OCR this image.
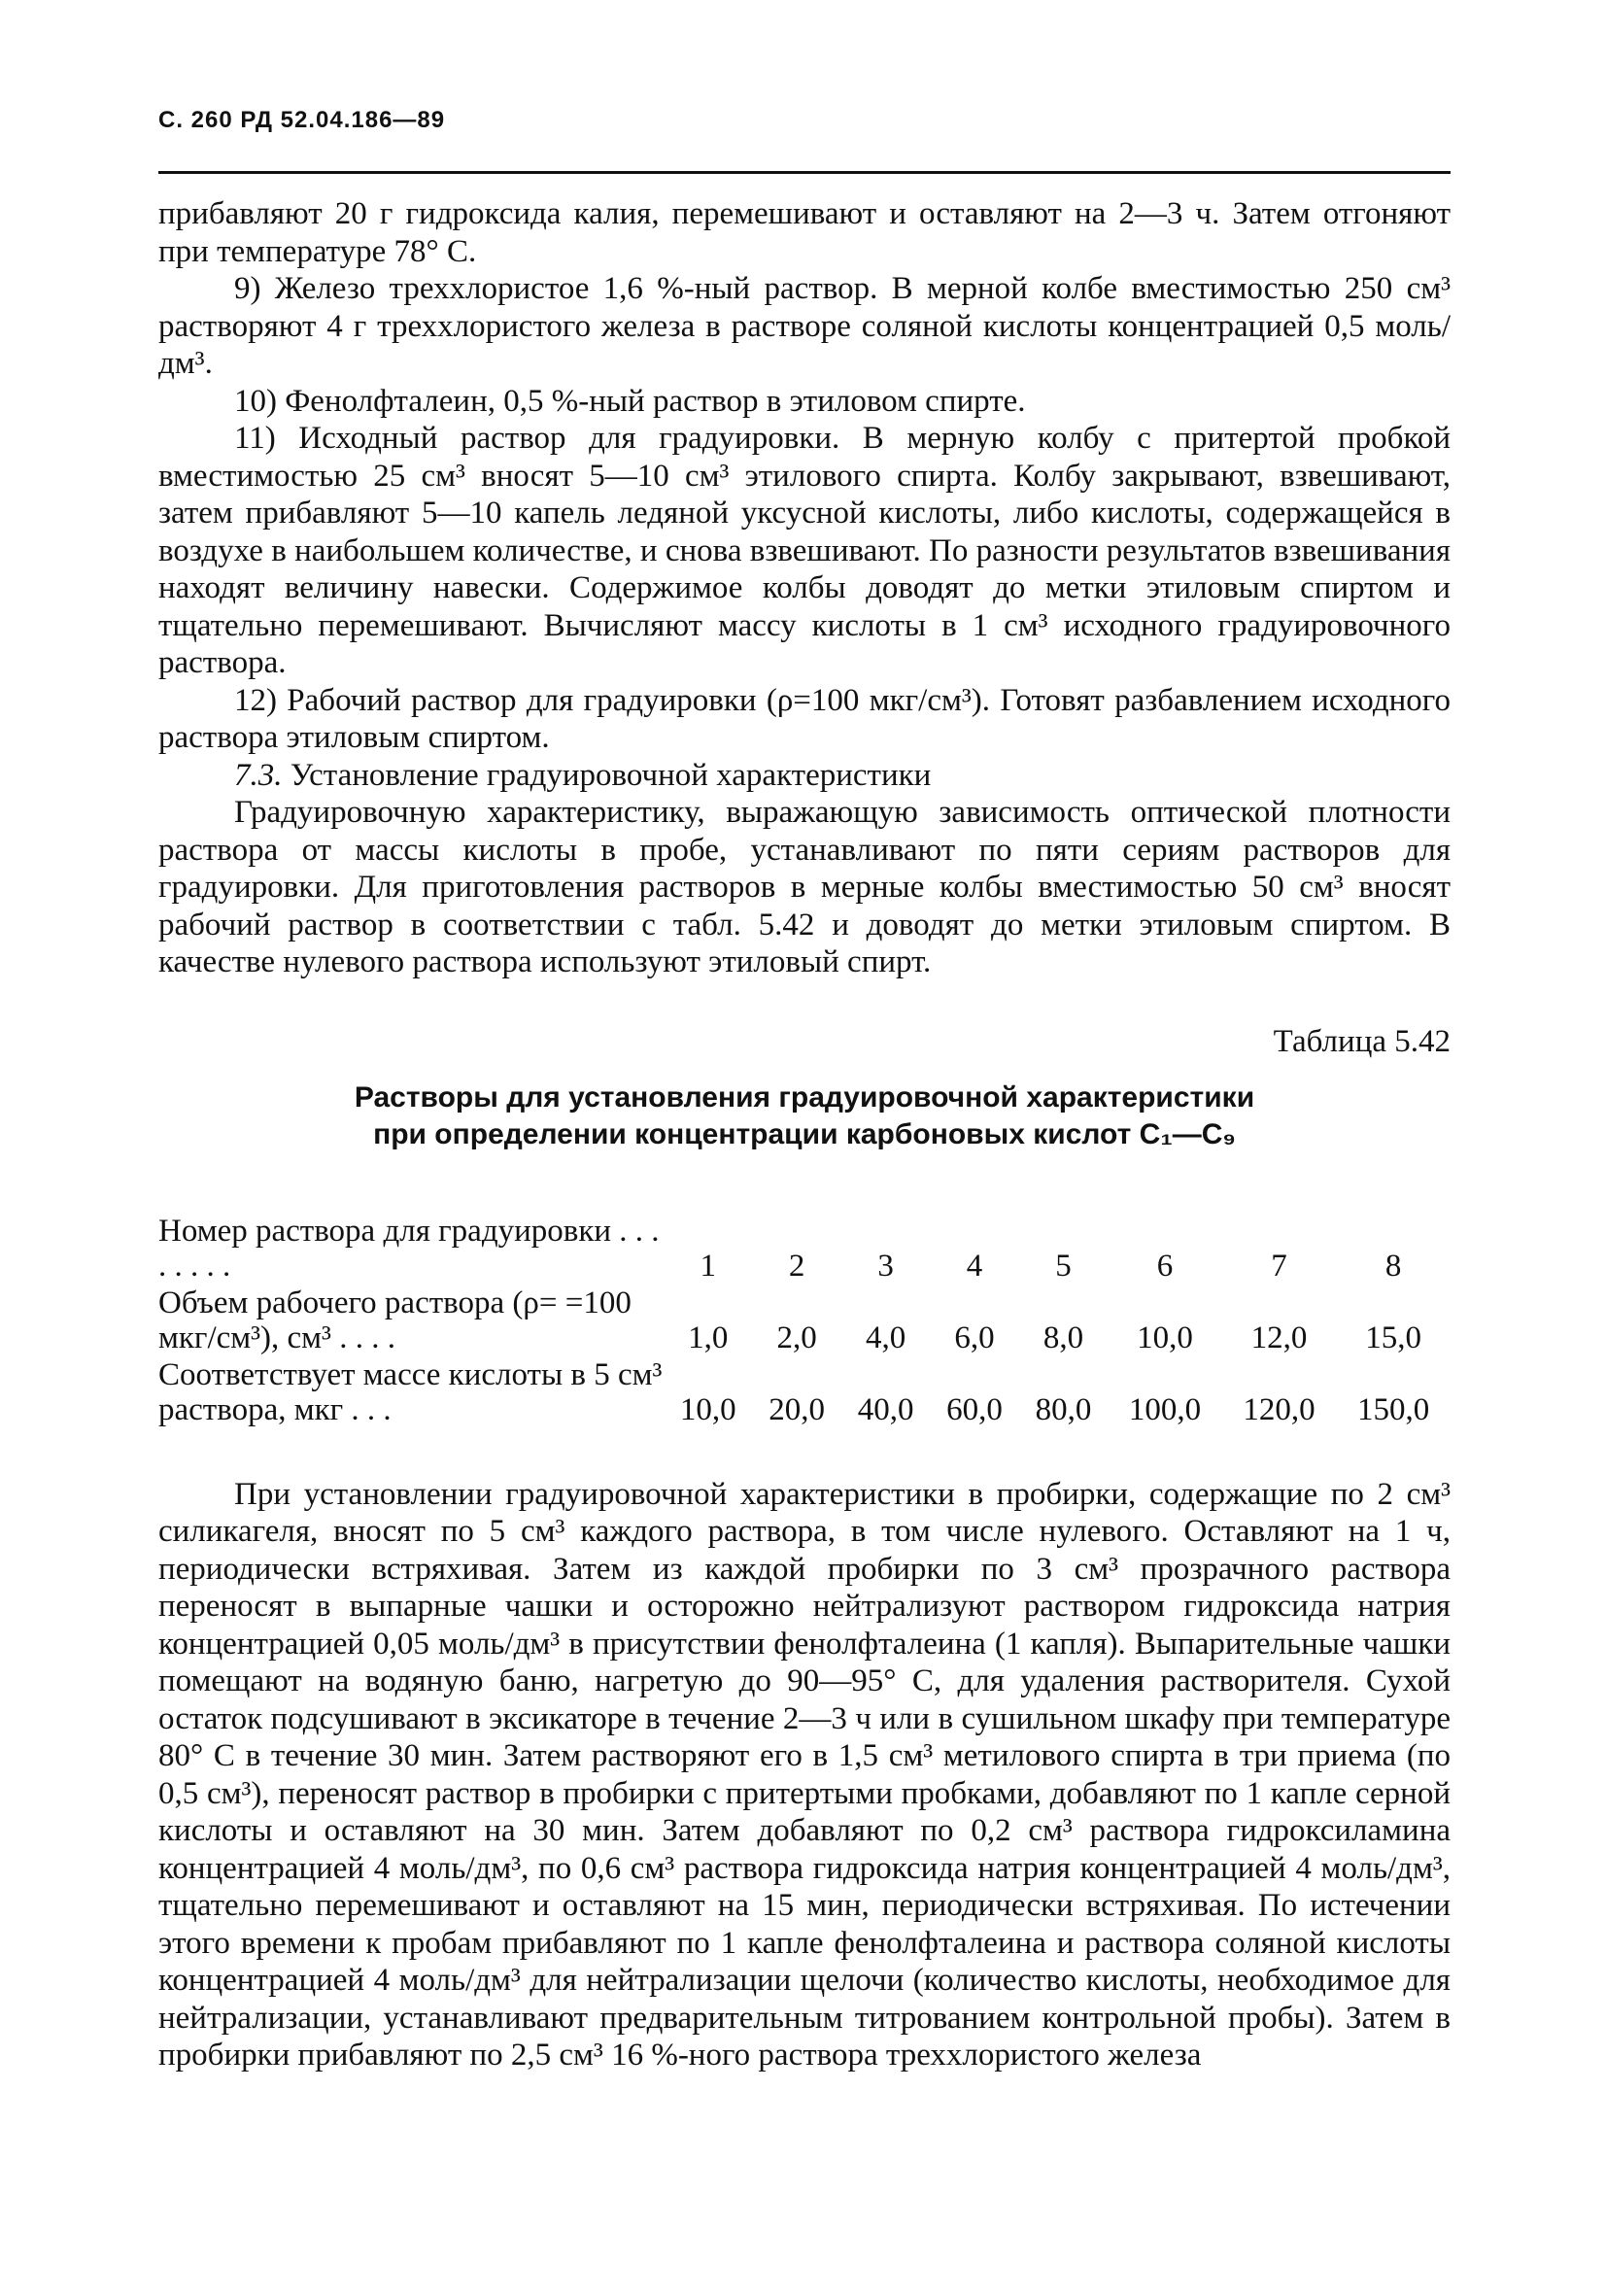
С. 260 РД 52.04.186—89

прибавляют 20 г гидроксида калия, перемешивают и оставляют на 2—3 ч. Затем отгоняют при температуре 78° С.

9) Железо треххлористое 1,6 %-ный раствор. В мерной колбе вместимостью 250 см³ растворяют 4 г треххлористого железа в растворе соляной кислоты концентрацией 0,5 моль/дм³.

10) Фенолфталеин, 0,5 %-ный раствор в этиловом спирте.

11) Исходный раствор для градуировки. В мерную колбу с притертой пробкой вместимостью 25 см³ вносят 5—10 см³ этилового спирта. Колбу закрывают, взвешивают, затем прибавляют 5—10 капель ледяной уксусной кислоты, либо кислоты, содержащейся в воздухе в наибольшем количестве, и снова взвешивают. По разности результатов взвешивания находят величину навески. Содержимое колбы доводят до метки этиловым спиртом и тщательно перемешивают. Вычисляют массу кислоты в 1 см³ исходного градуировочного раствора.

12) Рабочий раствор для градуировки (ρ=100 мкг/см³). Готовят разбавлением исходного раствора этиловым спиртом.

7.3. Установление градуировочной характеристики

Градуировочную характеристику, выражающую зависимость оптической плотности раствора от массы кислоты в пробе, устанавливают по пяти сериям растворов для градуировки. Для приготовления растворов в мерные колбы вместимостью 50 см³ вносят рабочий раствор в соответствии с табл. 5.42 и доводят до метки этиловым спиртом. В качестве нулевого раствора используют этиловый спирт.

Таблица 5.42
Растворы для установления градуировочной характеристики
при определении концентрации карбоновых кислот C₁—C₉
Номер раствора для градуировки . . . . . . . .	1	2	3	4	5	6	7	8
Объем рабочего раствора (ρ= =100 мкг/см³), см³ . . . .	1,0	2,0	4,0	6,0	8,0	10,0	12,0	15,0
Соответствует массе кислоты в 5 см³ раствора, мкг . . .	10,0	20,0	40,0	60,0	80,0	100,0	120,0	150,0

При установлении градуировочной характеристики в пробирки, содержащие по 2 см³ силикагеля, вносят по 5 см³ каждого раствора, в том числе нулевого. Оставляют на 1 ч, периодически встряхивая. Затем из каждой пробирки по 3 см³ прозрачного раствора переносят в выпарные чашки и осторожно нейтрализуют раствором гидроксида натрия концентрацией 0,05 моль/дм³ в присутствии фенолфталеина (1 капля). Выпарительные чашки помещают на водяную баню, нагретую до 90—95° С, для удаления растворителя. Сухой остаток подсушивают в эксикаторе в течение 2—3 ч или в сушильном шкафу при температуре 80° С в течение 30 мин. Затем растворяют его в 1,5 см³ метилового спирта в три приема (по 0,5 см³), переносят раствор в пробирки с притертыми пробками, добавляют по 1 капле серной кислоты и оставляют на 30 мин. Затем добавляют по 0,2 см³ раствора гидроксиламина концентрацией 4 моль/дм³, по 0,6 см³ раствора гидроксида натрия концентрацией 4 моль/дм³, тщательно перемешивают и оставляют на 15 мин, периодически встряхивая. По истечении этого времени к пробам прибавляют по 1 капле фенолфталеина и раствора соляной кислоты концентрацией 4 моль/дм³ для нейтрализации щелочи (количество кислоты, необходимое для нейтрализации, устанавливают предварительным титрованием контрольной пробы). Затем в пробирки прибавляют по 2,5 см³ 16 %-ного раствора треххлористого железа
